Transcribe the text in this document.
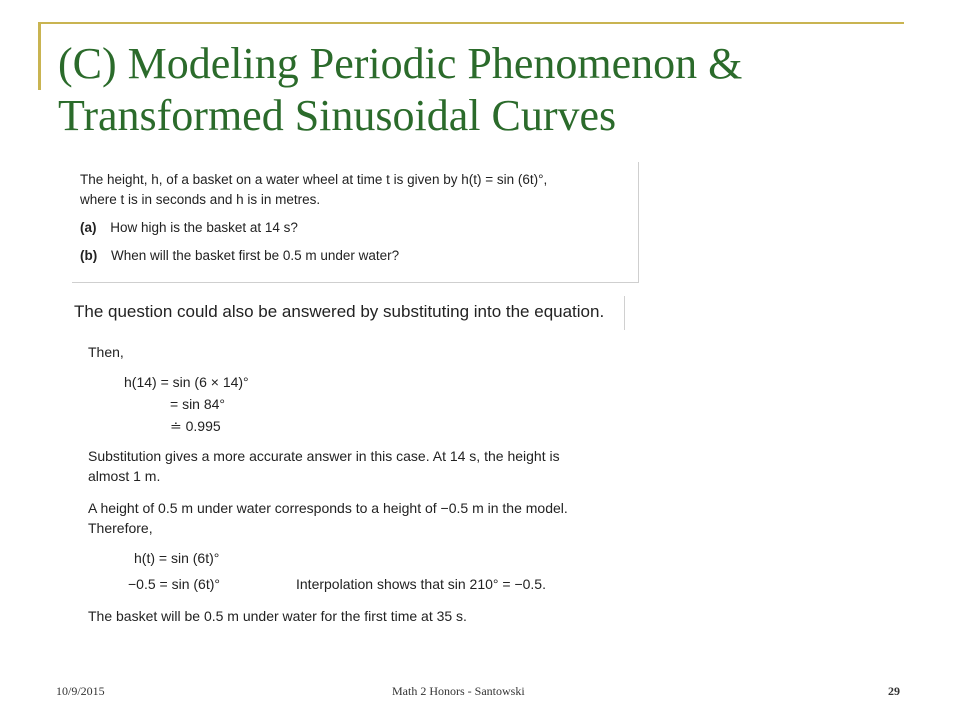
(C) Modeling Periodic Phenomenon &
Transformed Sinusoidal Curves
The height, h, of a basket on a water wheel at time t is given by h(t) = sin (6t)°,
where t is in seconds and h is in metres.
(a) How high is the basket at 14 s?
(b) When will the basket first be 0.5 m under water?
The question could also be answered by substituting into the equation.
Then,
h(14) = sin (6 × 14)°
= sin 84°
≐ 0.995
Substitution gives a more accurate answer in this case. At 14 s, the height is
almost 1 m.
A height of 0.5 m under water corresponds to a height of −0.5 m in the model.
Therefore,
h(t) = sin (6t)°
−0.5 = sin (6t)°	Interpolation shows that sin 210° = −0.5.
The basket will be 0.5 m under water for the first time at 35 s.
10/9/2015	Math 2 Honors - Santowski	29
